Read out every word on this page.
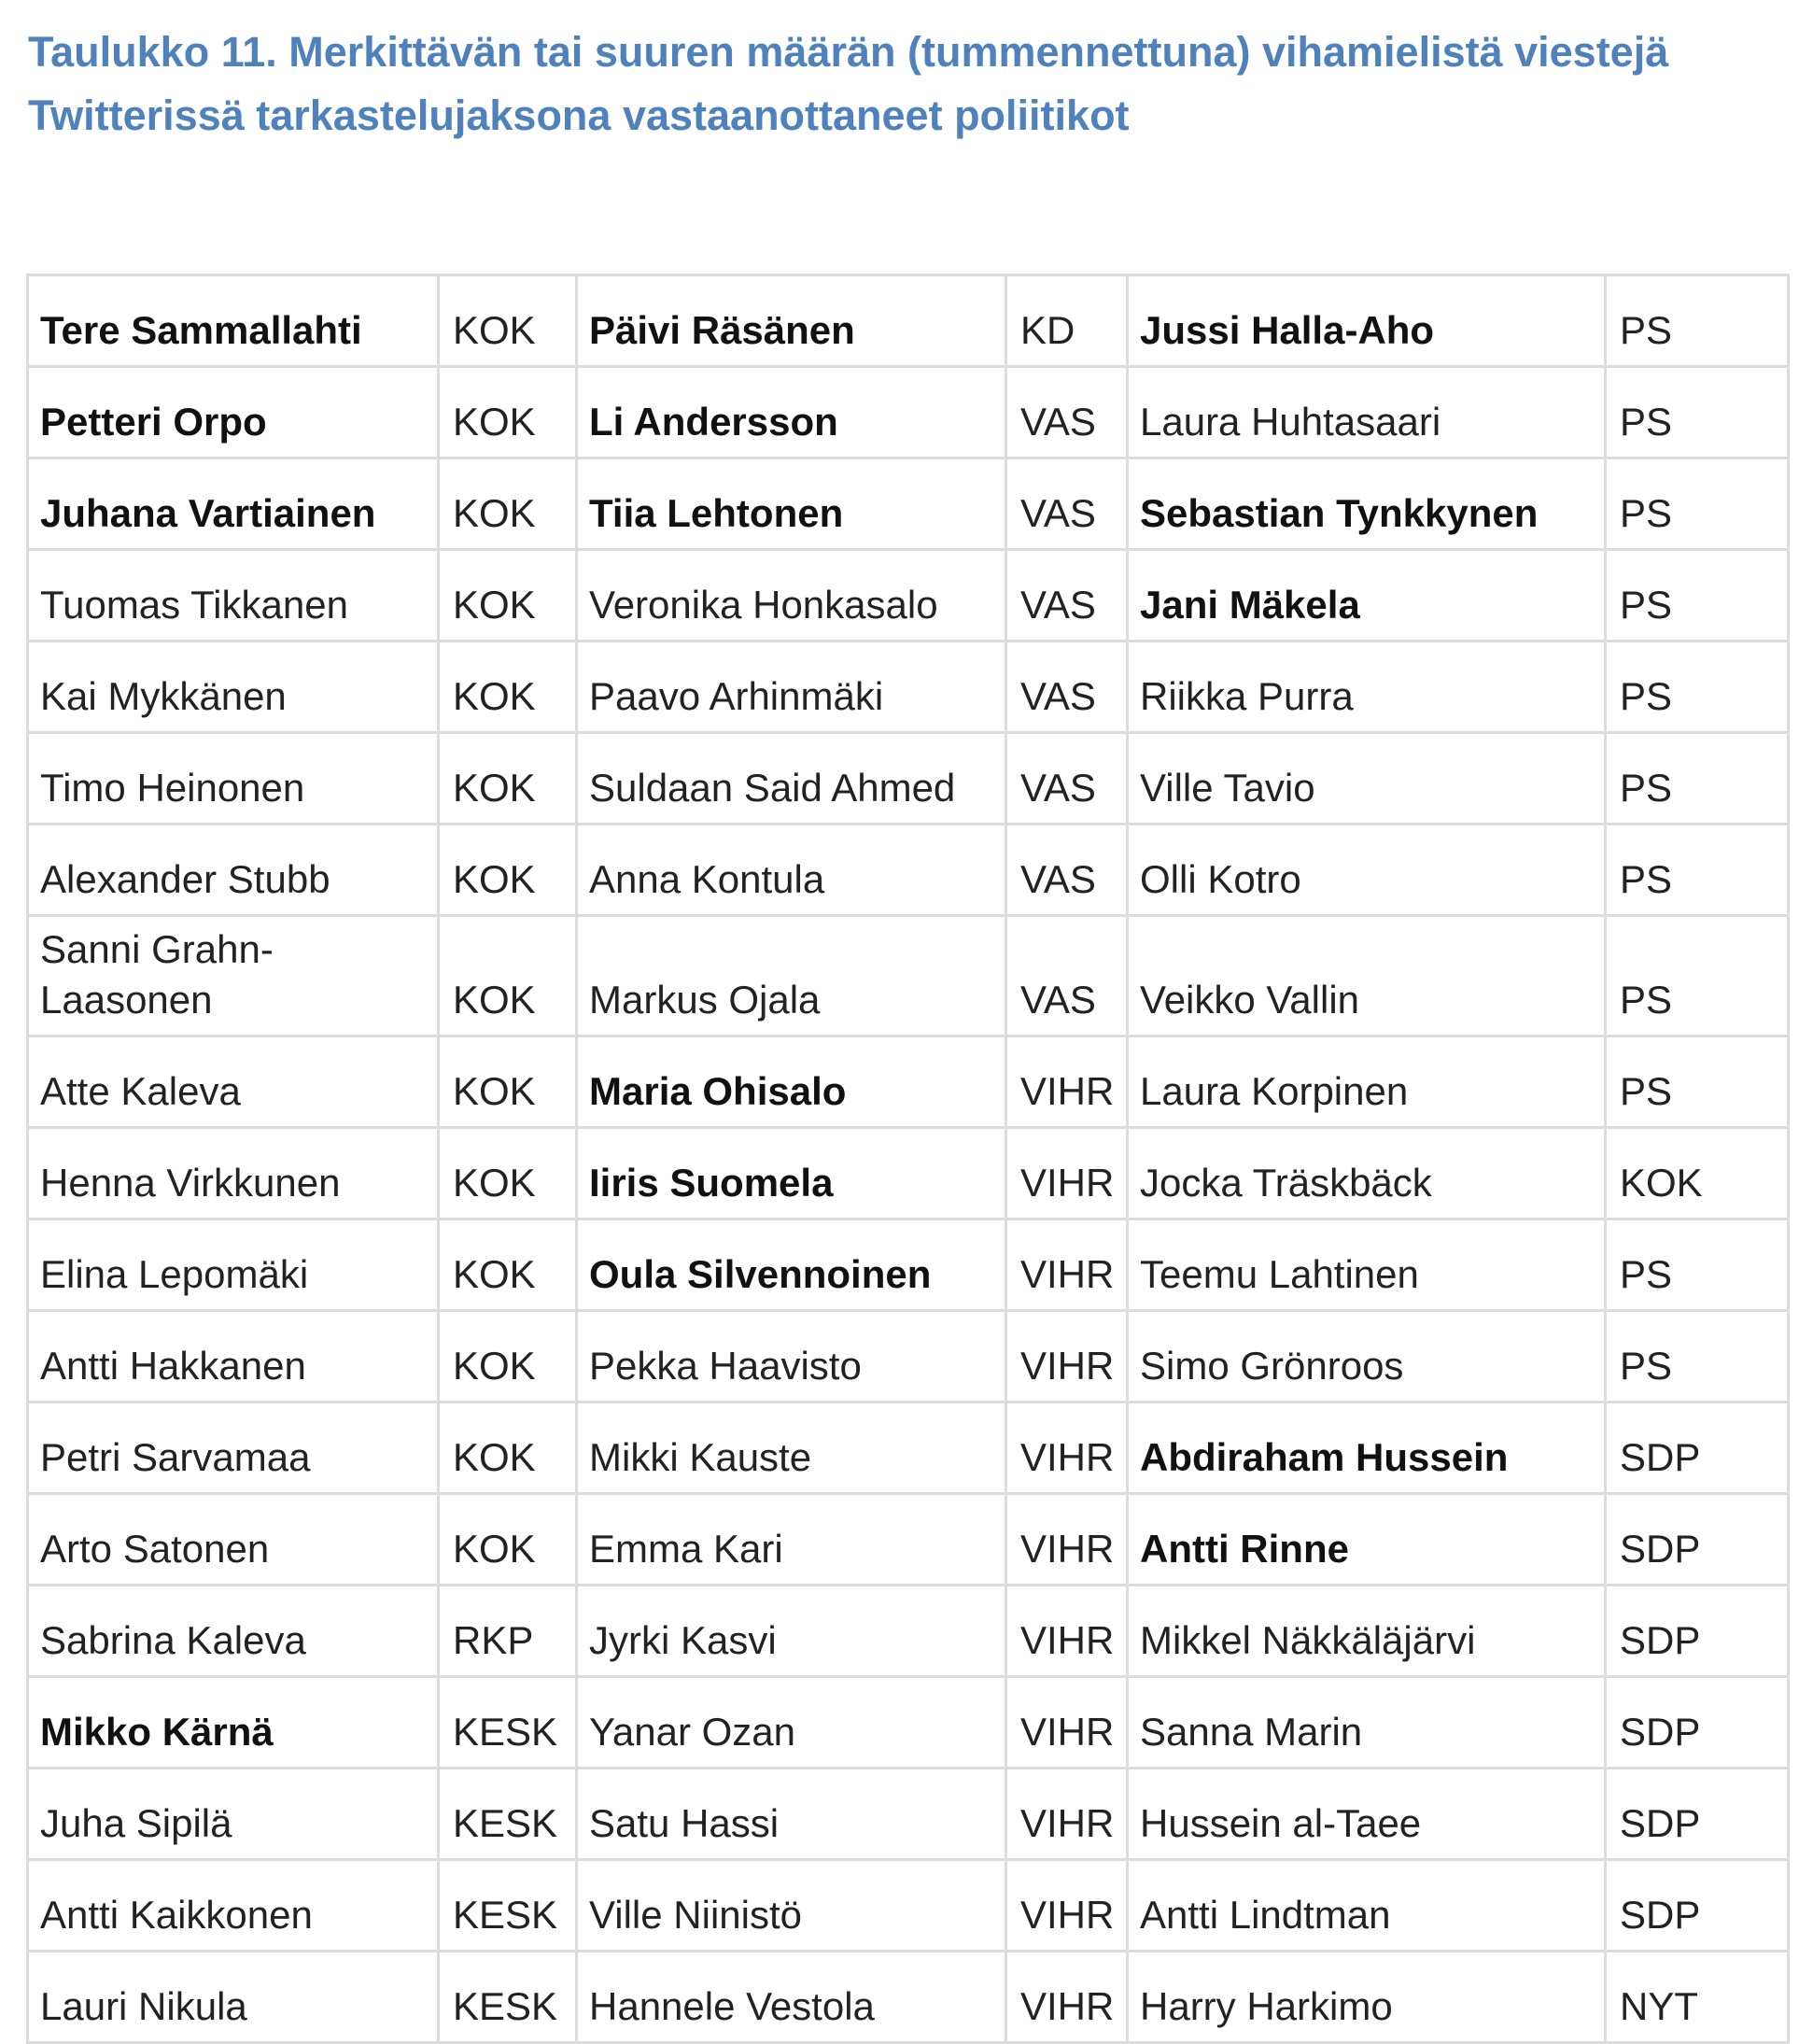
Taulukko 11. Merkittävän tai suuren määrän (tummennettuna) vihamielistä viestejä Twitterissä tarkastelujaksona vastaanottaneet poliitikot
Tere Sammallahti	KOK	Päivi Räsänen	KD	Jussi Halla-Aho	PS
Petteri Orpo	KOK	Li Andersson	VAS	Laura Huhtasaari	PS
Juhana Vartiainen	KOK	Tiia Lehtonen	VAS	Sebastian Tynkkynen	PS
Tuomas Tikkanen	KOK	Veronika Honkasalo	VAS	Jani Mäkela	PS
Kai Mykkänen	KOK	Paavo Arhinmäki	VAS	Riikka Purra	PS
Timo Heinonen	KOK	Suldaan Said Ahmed	VAS	Ville Tavio	PS
Alexander Stubb	KOK	Anna Kontula	VAS	Olli Kotro	PS
Sanni Grahn-Laasonen	KOK	Markus Ojala	VAS	Veikko Vallin	PS
Atte Kaleva	KOK	Maria Ohisalo	VIHR	Laura Korpinen	PS
Henna Virkkunen	KOK	Iiris Suomela	VIHR	Jocka Träskbäck	KOK
Elina Lepomäki	KOK	Oula Silvennoinen	VIHR	Teemu Lahtinen	PS
Antti Hakkanen	KOK	Pekka Haavisto	VIHR	Simo Grönroos	PS
Petri Sarvamaa	KOK	Mikki Kauste	VIHR	Abdiraham Hussein	SDP
Arto Satonen	KOK	Emma Kari	VIHR	Antti Rinne	SDP
Sabrina Kaleva	RKP	Jyrki Kasvi	VIHR	Mikkel Näkkäläjärvi	SDP
Mikko Kärnä	KESK	Yanar Ozan	VIHR	Sanna Marin	SDP
Juha Sipilä	KESK	Satu Hassi	VIHR	Hussein al-Taee	SDP
Antti Kaikkonen	KESK	Ville Niinistö	VIHR	Antti Lindtman	SDP
Lauri Nikula	KESK	Hannele Vestola	VIHR	Harry Harkimo	NYT
